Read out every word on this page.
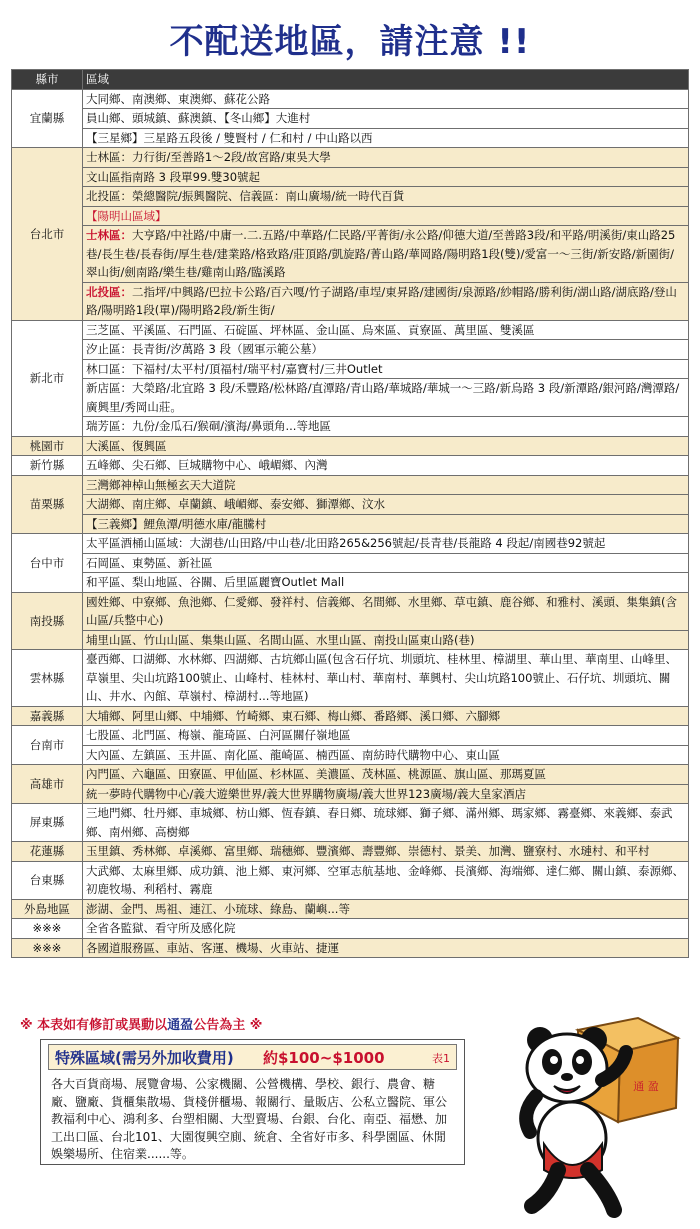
不配送地區，請注意 !!
縣市	區域
宜蘭縣	大同鄉、南澳鄉、東澳鄉、蘇花公路
	員山鄉、頭城鎮、蘇澳鎮、【冬山鄉】大進村
	【三星鄉】三星路五段後 / 雙賢村 / 仁和村 / 中山路以西
台北市	士林區：力行街/至善路1～2段/故宮路/東吳大學
	文山區指南路 3 段單99.雙30號起
	北投區：榮總醫院/振興醫院、信義區：南山廣場/統一時代百貨
	【陽明山區域】
	士林區：大亨路/中社路/中庸一.二.五路/中華路/仁民路/平菁街/永公路/仰德大道/至善路3段/和平路/明溪街/東山路25巷/長生巷/長春街/厚生巷/建業路/格致路/莊頂路/凱旋路/菁山路/華岡路/陽明路1段(雙)/愛富一～三街/新安路/新園街/翠山街/劍南路/樂生巷/雞南山路/臨溪路
	北投區：二指坪/中興路/巴拉卡公路/百六嘎/竹子湖路/車埕/東昇路/建國街/泉源路/紗帽路/勝利街/湖山路/湖底路/登山路/陽明路1段(單)/陽明路2段/新生街/
新北市	三芝區、平溪區、石門區、石碇區、坪林區、金山區、烏來區、貢寮區、萬里區、雙溪區
	汐止區：長青街/汐萬路 3 段（國軍示範公墓）
	林口區：下福村/太平村/頂福村/瑞平村/嘉寶村/三井Outlet
	新店區：大榮路/北宜路 3 段/禾豐路/松林路/直潭路/青山路/華城路/華城一～三路/新烏路 3 段/新潭路/銀河路/灣潭路/廣興里/秀岡山莊。
	瑞芳區：九份/金瓜石/猴硐/濱海/鼻頭角...等地區
桃園市	大溪區、復興區
新竹縣	五峰鄉、尖石鄉、巨城購物中心、峨嵋鄉、內灣
苗栗縣	三灣鄉神棹山無極玄天大道院
	大湖鄉、南庄鄉、卓蘭鎮、峨嵋鄉、泰安鄉、獅潭鄉、汶水
	【三義鄉】鯉魚潭/明德水庫/龍騰村
台中市	太平區酒桶山區域：大湖巷/山田路/中山巷/北田路265&256號起/長青巷/長龍路 4 段起/南國巷92號起
	石岡區、東勢區、新社區
	和平區、梨山地區、谷關、后里區麗寶Outlet Mall
南投縣	國姓鄉、中寮鄉、魚池鄉、仁愛鄉、發祥村、信義鄉、名間鄉、水里鄉、草屯鎮、鹿谷鄉、和雅村、溪頭、集集鎮(含山區/兵整中心)
	埔里山區、竹山山區、集集山區、名間山區、水里山區、南投山區東山路(巷)
雲林縣	臺西鄉、口湖鄉、水林鄉、四湖鄉、古坑鄉山區(包含石仔坑、圳頭坑、桂林里、樟湖里、華山里、華南里、山峰里、草嶺里、尖山坑路100號止、山峰村、桂林村、華山村、華南村、華興村、尖山坑路100號止、石仔坑、圳頭坑、關山、井水、內館、草嶺村、樟湖村...等地區)
嘉義縣	大埔鄉、阿里山鄉、中埔鄉、竹崎鄉、東石鄉、梅山鄉、番路鄉、溪口鄉、六腳鄉
台南市	七股區、北門區、梅嶺、龍琦區、白河區關仔嶺地區
	大內區、左鎮區、玉井區、南化區、龍崎區、楠西區、南紡時代購物中心、東山區
高雄市	內門區、六龜區、田寮區、甲仙區、杉林區、美濃區、茂林區、桃源區、旗山區、那瑪夏區
	統一夢時代購物中心/義大遊樂世界/義大世界購物廣場/義大世界123廣場/義大皇家酒店
屏東縣	三地門鄉、牡丹鄉、車城鄉、枋山鄉、恆春鎮、春日鄉、琉球鄉、獅子鄉、滿州鄉、瑪家鄉、霧臺鄉、來義鄉、泰武鄉、南州鄉、高樹鄉
花蓮縣	玉里鎮、秀林鄉、卓溪鄉、富里鄉、瑞穗鄉、豐濱鄉、壽豐鄉、崇德村、景美、加灣、鹽寮村、水璉村、和平村
台東縣	大武鄉、太麻里鄉、成功鎮、池上鄉、東河鄉、空軍志航基地、金峰鄉、長濱鄉、海端鄉、達仁鄉、關山鎮、泰源鄉、初鹿牧場、利稻村、霧鹿
外島地區	澎湖、金門、馬祖、連江、小琉球、綠島、蘭嶼...等
※※※	全省各監獄、看守所及感化院
※※※	各國道服務區、車站、客運、機場、火車站、捷運
※ 本表如有修訂或異動以通盈公告為主 ※
特殊區域(需另外加收費用) 約$100~$1000	表1
各大百貨商場、展覽會場、公家機關、公營機構、學校、銀行、農會、糖廠、鹽廠、貨櫃集散場、貨棧併櫃場、報關行、量販店、公私立醫院、軍公教福利中心、鴻利多、台塑相關、大型賣場、台銀、台化、南亞、福懋、加工出口區、台北101、大園復興空廁、統倉、全省好市多、科學園區、休閒娛樂場所、住宿業......等。
通 盈
